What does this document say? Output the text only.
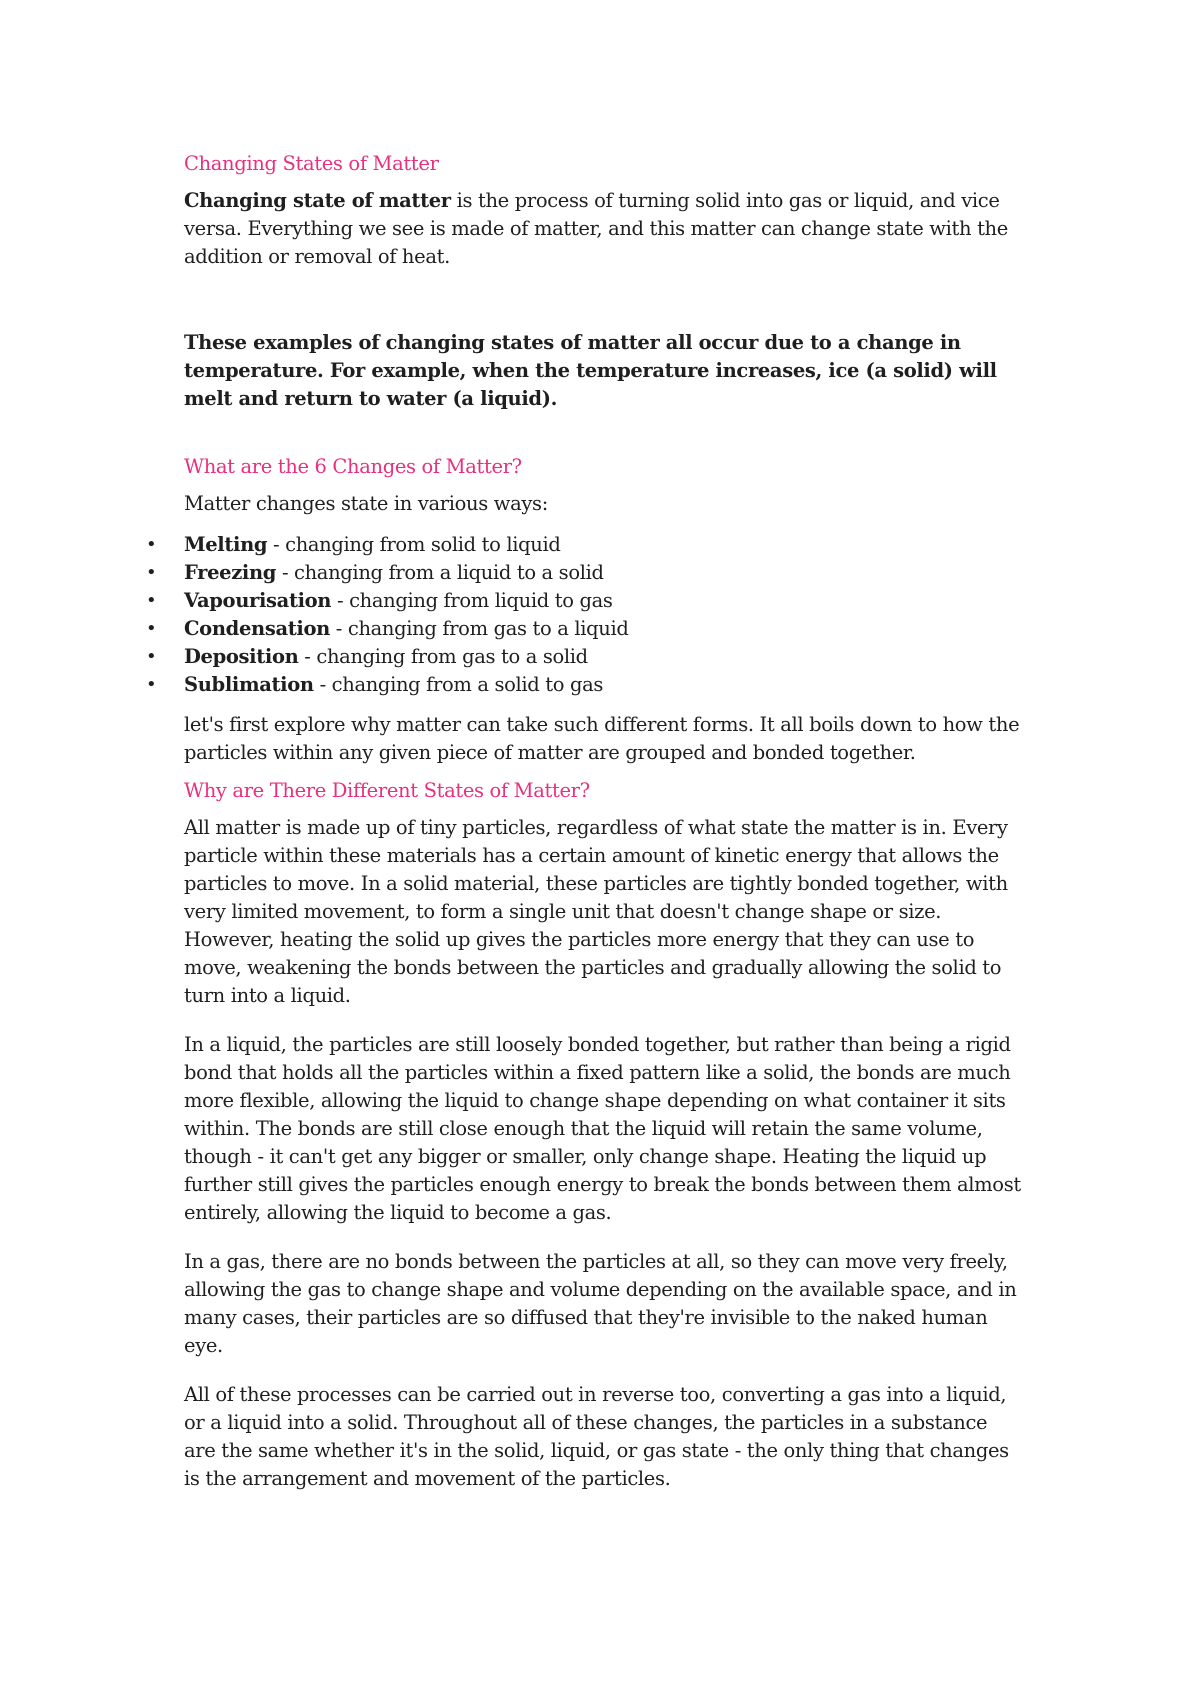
Changing States of Matter

Changing state of matter is the process of turning solid into gas or liquid, and vice versa. Everything we see is made of matter, and this matter can change state with the addition or removal of heat.

These examples of changing states of matter all occur due to a change in temperature. For example, when the temperature increases, ice (a solid) will melt and return to water (a liquid).

What are the 6 Changes of Matter?

Matter changes state in various ways:

• Melting - changing from solid to liquid
• Freezing - changing from a liquid to a solid
• Vapourisation - changing from liquid to gas
• Condensation - changing from gas to a liquid
• Deposition - changing from gas to a solid
• Sublimation - changing from a solid to gas

let's first explore why matter can take such different forms. It all boils down to how the particles within any given piece of matter are grouped and bonded together.

Why are There Different States of Matter?

All matter is made up of tiny particles, regardless of what state the matter is in. Every particle within these materials has a certain amount of kinetic energy that allows the particles to move. In a solid material, these particles are tightly bonded together, with very limited movement, to form a single unit that doesn't change shape or size. However, heating the solid up gives the particles more energy that they can use to move, weakening the bonds between the particles and gradually allowing the solid to turn into a liquid.

In a liquid, the particles are still loosely bonded together, but rather than being a rigid bond that holds all the particles within a fixed pattern like a solid, the bonds are much more flexible, allowing the liquid to change shape depending on what container it sits within. The bonds are still close enough that the liquid will retain the same volume, though - it can't get any bigger or smaller, only change shape. Heating the liquid up further still gives the particles enough energy to break the bonds between them almost entirely, allowing the liquid to become a gas.

In a gas, there are no bonds between the particles at all, so they can move very freely, allowing the gas to change shape and volume depending on the available space, and in many cases, their particles are so diffused that they're invisible to the naked human eye.

All of these processes can be carried out in reverse too, converting a gas into a liquid, or a liquid into a solid. Throughout all of these changes, the particles in a substance are the same whether it's in the solid, liquid, or gas state - the only thing that changes is the arrangement and movement of the particles.
